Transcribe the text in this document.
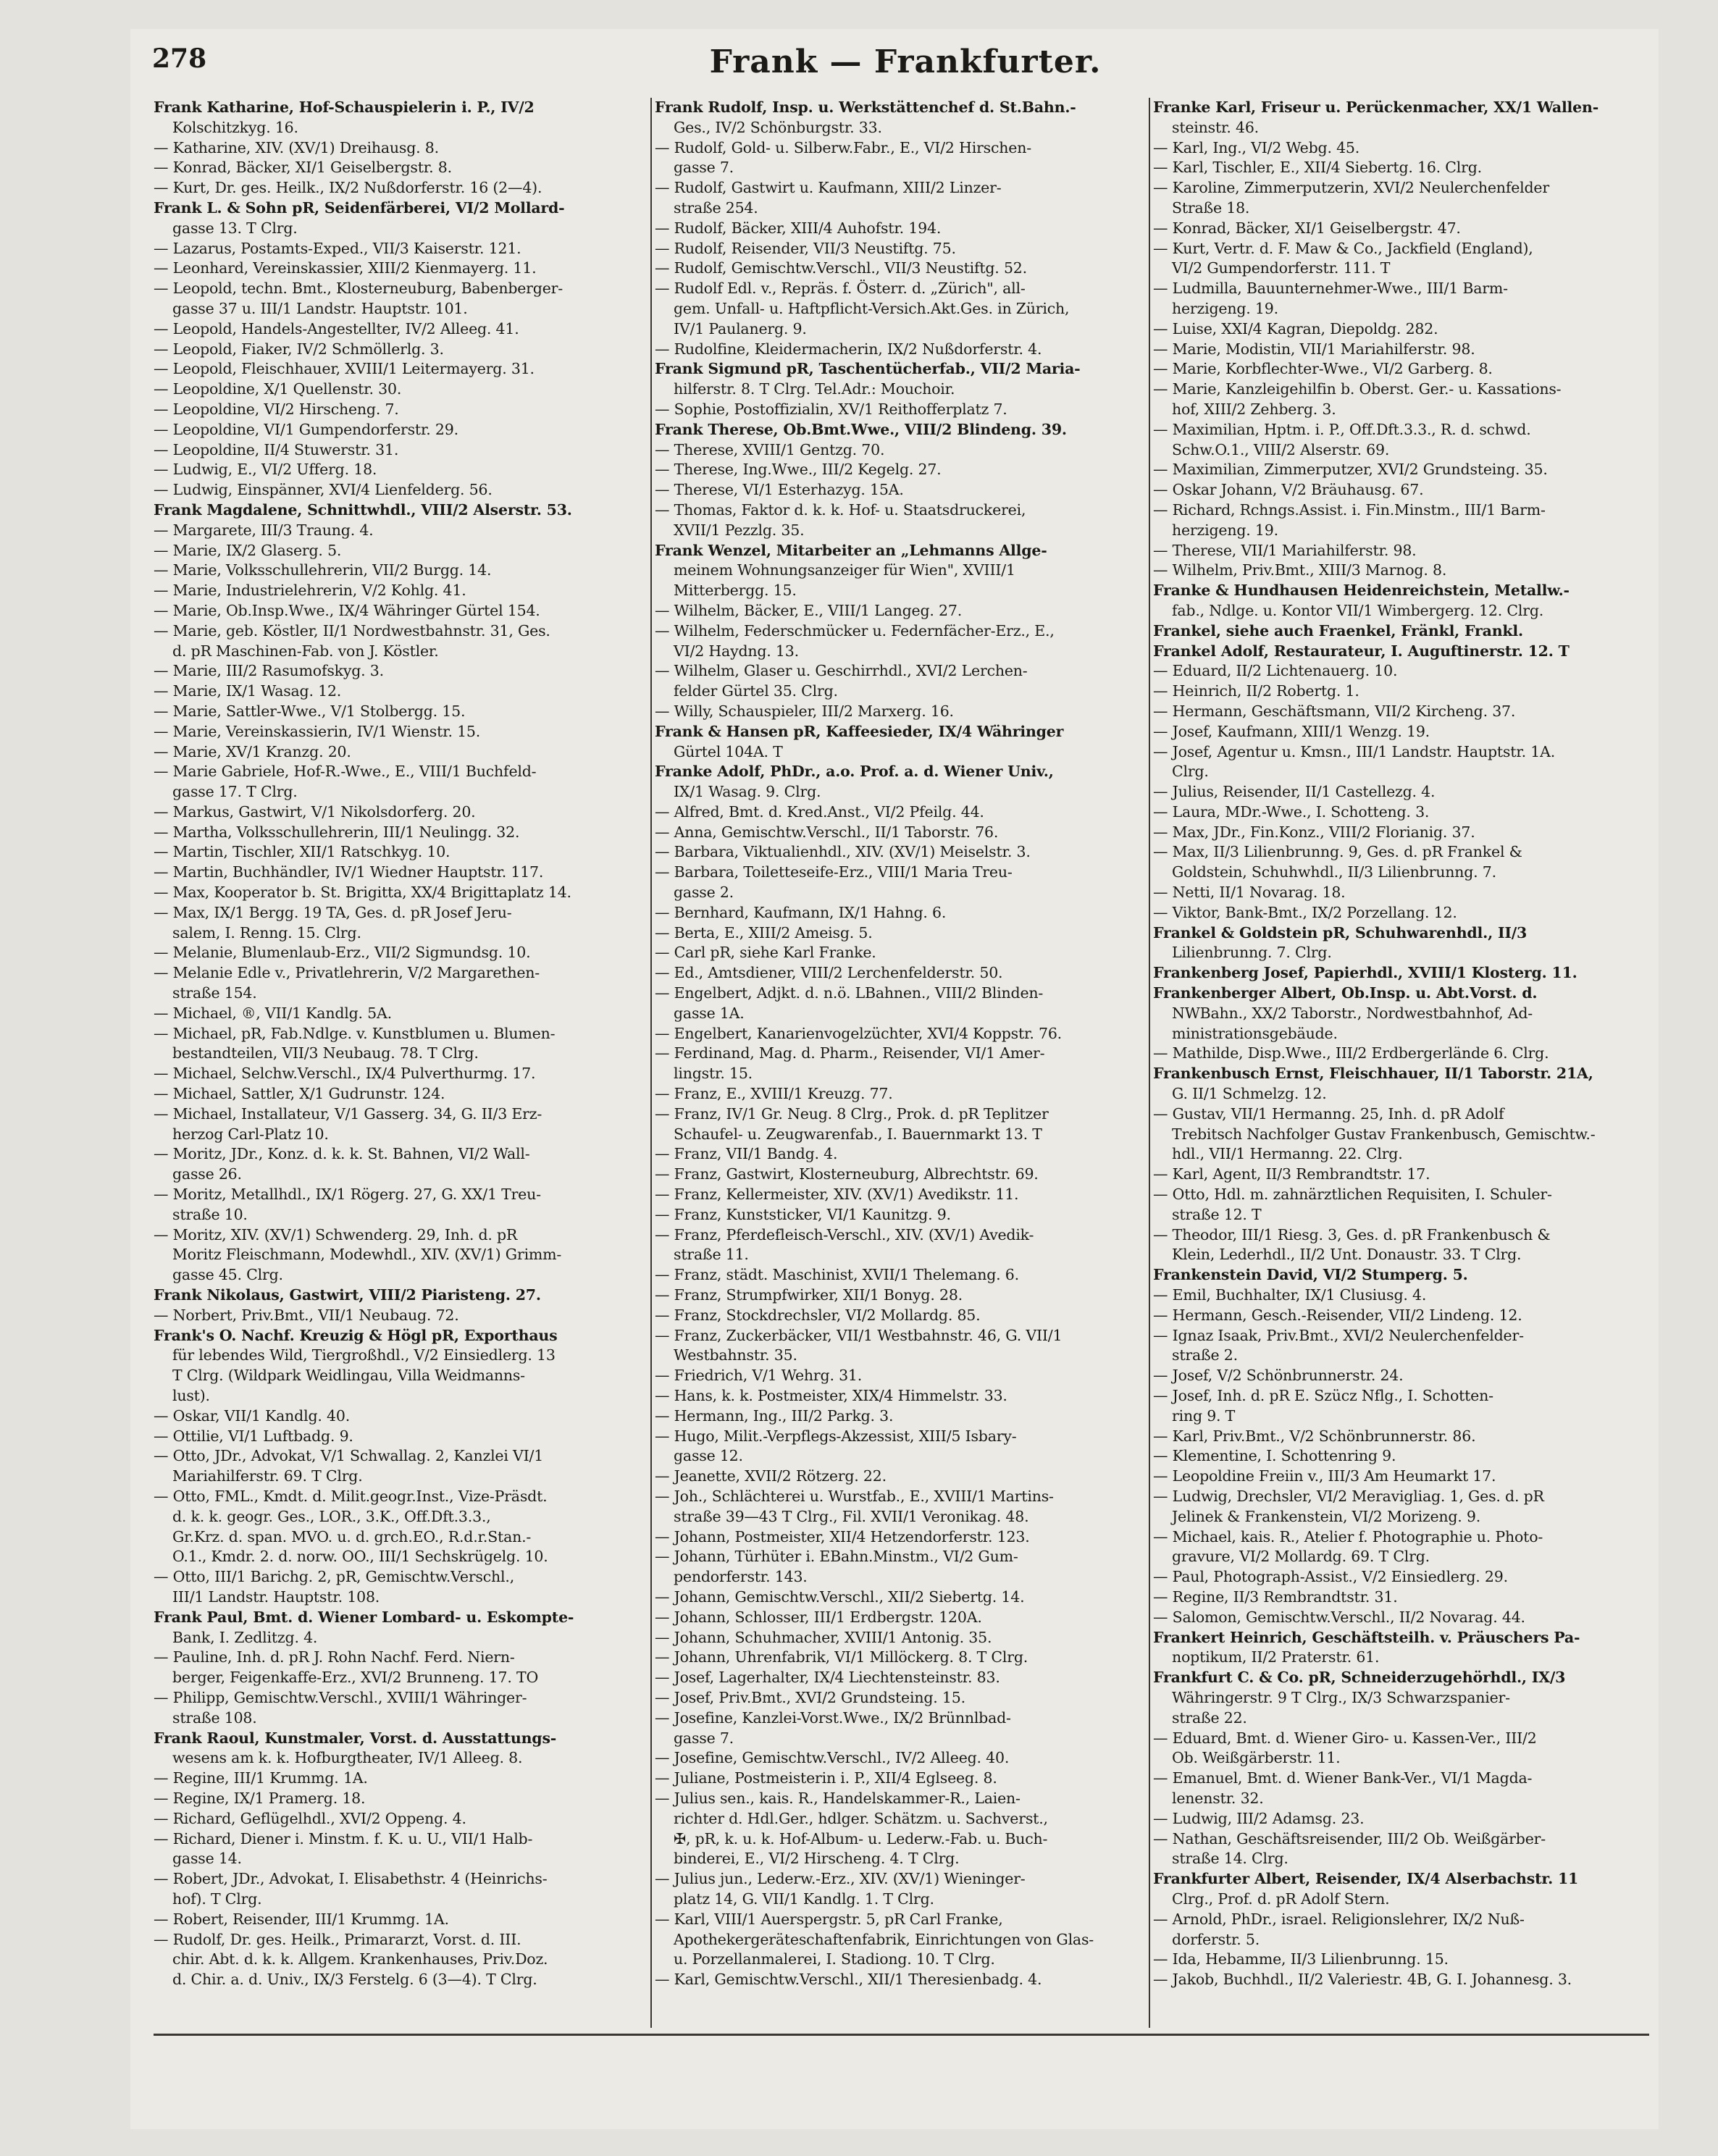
278	Frank — Frankfurter.
Frank Katharine, Hof-Schauspielerin i. P., IV/2
Kolschitzkyg. 16.
— Katharine, XIV. (XV/1) Dreihausg. 8.
— Konrad, Bäcker, XI/1 Geiselbergstr. 8.
— Kurt, Dr. ges. Heilk., IX/2 Nußdorferstr. 16 (2—4).
Frank L. & Sohn pR, Seidenfärberei, VI/2 Mollard-
gasse 13. T Clrg.
— Lazarus, Postamts-Exped., VII/3 Kaiserstr. 121.
— Leonhard, Vereinskassier, XIII/2 Kienmayerg. 11.
— Leopold, techn. Bmt., Klosterneuburg, Babenberger-
gasse 37 u. III/1 Landstr. Hauptstr. 101.
— Leopold, Handels-Angestellter, IV/2 Alleeg. 41.
— Leopold, Fiaker, IV/2 Schmöllerlg. 3.
— Leopold, Fleischhauer, XVIII/1 Leitermayerg. 31.
— Leopoldine, X/1 Quellenstr. 30.
— Leopoldine, VI/2 Hirscheng. 7.
— Leopoldine, VI/1 Gumpendorferstr. 29.
— Leopoldine, II/4 Stuwerstr. 31.
— Ludwig, E., VI/2 Ufferg. 18.
— Ludwig, Einspänner, XVI/4 Lienfelderg. 56.
Frank Magdalene, Schnittwhdl., VIII/2 Alserstr. 53.
— Margarete, III/3 Traung. 4.
— Marie, IX/2 Glaserg. 5.
— Marie, Volksschullehrerin, VII/2 Burgg. 14.
— Marie, Industrielehrerin, V/2 Kohlg. 41.
— Marie, Ob.Insp.Wwe., IX/4 Währinger Gürtel 154.
— Marie, geb. Köstler, II/1 Nordwestbahnstr. 31, Ges.
d. pR Maschinen-Fab. von J. Köstler.
— Marie, III/2 Rasumofskyg. 3.
— Marie, IX/1 Wasag. 12.
— Marie, Sattler-Wwe., V/1 Stolbergg. 15.
— Marie, Vereinskassierin, IV/1 Wienstr. 15.
— Marie, XV/1 Kranzg. 20.
— Marie Gabriele, Hof-R.-Wwe., E., VIII/1 Buchfeld-
gasse 17. T Clrg.
— Markus, Gastwirt, V/1 Nikolsdorferg. 20.
— Martha, Volksschullehrerin, III/1 Neulingg. 32.
— Martin, Tischler, XII/1 Ratschkyg. 10.
— Martin, Buchhändler, IV/1 Wiedner Hauptstr. 117.
— Max, Kooperator b. St. Brigitta, XX/4 Brigittaplatz 14.
— Max, IX/1 Bergg. 19 TA, Ges. d. pR Josef Jeru-
salem, I. Renng. 15. Clrg.
— Melanie, Blumenlaub-Erz., VII/2 Sigmundsg. 10.
— Melanie Edle v., Privatlehrerin, V/2 Margarethen-
straße 154.
— Michael, ®, VII/1 Kandlg. 5A.
— Michael, pR, Fab.Ndlge. v. Kunstblumen u. Blumen-
bestandteilen, VII/3 Neubaug. 78. T Clrg.
— Michael, Selchw.Verschl., IX/4 Pulverthurmg. 17.
— Michael, Sattler, X/1 Gudrunstr. 124.
— Michael, Installateur, V/1 Gasserg. 34, G. II/3 Erz-
herzog Carl-Platz 10.
— Moritz, JDr., Konz. d. k. k. St. Bahnen, VI/2 Wall-
gasse 26.
— Moritz, Metallhdl., IX/1 Rögerg. 27, G. XX/1 Treu-
straße 10.
— Moritz, XIV. (XV/1) Schwenderg. 29, Inh. d. pR
Moritz Fleischmann, Modewhdl., XIV. (XV/1) Grimm-
gasse 45. Clrg.
Frank Nikolaus, Gastwirt, VIII/2 Piaristeng. 27.
— Norbert, Priv.Bmt., VII/1 Neubaug. 72.
Frank's O. Nachf. Kreuzig & Högl pR, Exporthaus
für lebendes Wild, Tiergroßhdl., V/2 Einsiedlerg. 13
T Clrg. (Wildpark Weidlingau, Villa Weidmanns-
lust).
— Oskar, VII/1 Kandlg. 40.
— Ottilie, VI/1 Luftbadg. 9.
— Otto, JDr., Advokat, V/1 Schwallag. 2, Kanzlei VI/1
Mariahilferstr. 69. T Clrg.
— Otto, FML., Kmdt. d. Milit.geogr.Inst., Vize-Präsdt.
d. k. k. geogr. Ges., LOR., 3.K., Off.Dft.3.3.,
Gr.Krz. d. span. MVO. u. d. grch.EO., R.d.r.Stan.-
O.1., Kmdr. 2. d. norw. OO., III/1 Sechskrügelg. 10.
— Otto, III/1 Barichg. 2, pR, Gemischtw.Verschl.,
III/1 Landstr. Hauptstr. 108.
Frank Paul, Bmt. d. Wiener Lombard- u. Eskompte-
Bank, I. Zedlitzg. 4.
— Pauline, Inh. d. pR J. Rohn Nachf. Ferd. Niern-
berger, Feigenkaffe-Erz., XVI/2 Brunneng. 17. TO
— Philipp, Gemischtw.Verschl., XVIII/1 Währinger-
straße 108.
Frank Raoul, Kunstmaler, Vorst. d. Ausstattungs-
wesens am k. k. Hofburgtheater, IV/1 Alleeg. 8.
— Regine, III/1 Krummg. 1A.
— Regine, IX/1 Pramerg. 18.
— Richard, Geflügelhdl., XVI/2 Oppeng. 4.
— Richard, Diener i. Minstm. f. K. u. U., VII/1 Halb-
gasse 14.
— Robert, JDr., Advokat, I. Elisabethstr. 4 (Heinrichs-
hof). T Clrg.
— Robert, Reisender, III/1 Krummg. 1A.
— Rudolf, Dr. ges. Heilk., Primararzt, Vorst. d. III.
chir. Abt. d. k. k. Allgem. Krankenhauses, Priv.Doz.
d. Chir. a. d. Univ., IX/3 Ferstelg. 6 (3—4). T Clrg.
Frank Rudolf, Insp. u. Werkstättenchef d. St.Bahn.-
Ges., IV/2 Schönburgstr. 33.
— Rudolf, Gold- u. Silberw.Fabr., E., VI/2 Hirschen-
gasse 7.
— Rudolf, Gastwirt u. Kaufmann, XIII/2 Linzer-
straße 254.
— Rudolf, Bäcker, XIII/4 Auhofstr. 194.
— Rudolf, Reisender, VII/3 Neustiftg. 75.
— Rudolf, Gemischtw.Verschl., VII/3 Neustiftg. 52.
— Rudolf Edl. v., Repräs. f. Österr. d. „Zürich", all-
gem. Unfall- u. Haftpflicht-Versich.Akt.Ges. in Zürich,
IV/1 Paulanerg. 9.
— Rudolfine, Kleidermacherin, IX/2 Nußdorferstr. 4.
Frank Sigmund pR, Taschentücherfab., VII/2 Maria-
hilferstr. 8. T Clrg. Tel.Adr.: Mouchoir.
— Sophie, Postoffizialin, XV/1 Reithofferplatz 7.
Frank Therese, Ob.Bmt.Wwe., VIII/2 Blindeng. 39.
— Therese, XVIII/1 Gentzg. 70.
— Therese, Ing.Wwe., III/2 Kegelg. 27.
— Therese, VI/1 Esterhazyg. 15A.
— Thomas, Faktor d. k. k. Hof- u. Staatsdruckerei,
XVII/1 Pezzlg. 35.
Frank Wenzel, Mitarbeiter an „Lehmanns Allge-
meinem Wohnungsanzeiger für Wien", XVIII/1
Mitterbergg. 15.
— Wilhelm, Bäcker, E., VIII/1 Langeg. 27.
— Wilhelm, Federschmücker u. Federnfächer-Erz., E.,
VI/2 Haydng. 13.
— Wilhelm, Glaser u. Geschirrhdl., XVI/2 Lerchen-
felder Gürtel 35. Clrg.
— Willy, Schauspieler, III/2 Marxerg. 16.
Frank & Hansen pR, Kaffeesieder, IX/4 Währinger
Gürtel 104A. T
Franke Adolf, PhDr., a.o. Prof. a. d. Wiener Univ.,
IX/1 Wasag. 9. Clrg.
— Alfred, Bmt. d. Kred.Anst., VI/2 Pfeilg. 44.
— Anna, Gemischtw.Verschl., II/1 Taborstr. 76.
— Barbara, Viktualienhdl., XIV. (XV/1) Meiselstr. 3.
— Barbara, Toiletteseife-Erz., VIII/1 Maria Treu-
gasse 2.
— Bernhard, Kaufmann, IX/1 Hahng. 6.
— Berta, E., XIII/2 Ameisg. 5.
— Carl pR, siehe Karl Franke.
— Ed., Amtsdiener, VIII/2 Lerchenfelderstr. 50.
— Engelbert, Adjkt. d. n.ö. LBahnen., VIII/2 Blinden-
gasse 1A.
— Engelbert, Kanarienvogelzüchter, XVI/4 Koppstr. 76.
— Ferdinand, Mag. d. Pharm., Reisender, VI/1 Amer-
lingstr. 15.
— Franz, E., XVIII/1 Kreuzg. 77.
— Franz, IV/1 Gr. Neug. 8 Clrg., Prok. d. pR Teplitzer
Schaufel- u. Zeugwarenfab., I. Bauernmarkt 13. T
— Franz, VII/1 Bandg. 4.
— Franz, Gastwirt, Klosterneuburg, Albrechtstr. 69.
— Franz, Kellermeister, XIV. (XV/1) Avedikstr. 11.
— Franz, Kunststicker, VI/1 Kaunitzg. 9.
— Franz, Pferdefleisch-Verschl., XIV. (XV/1) Avedik-
straße 11.
— Franz, städt. Maschinist, XVII/1 Thelemang. 6.
— Franz, Strumpfwirker, XII/1 Bonyg. 28.
— Franz, Stockdrechsler, VI/2 Mollardg. 85.
— Franz, Zuckerbäcker, VII/1 Westbahnstr. 46, G. VII/1
Westbahnstr. 35.
— Friedrich, V/1 Wehrg. 31.
— Hans, k. k. Postmeister, XIX/4 Himmelstr. 33.
— Hermann, Ing., III/2 Parkg. 3.
— Hugo, Milit.-Verpflegs-Akzessist, XIII/5 Isbary-
gasse 12.
— Jeanette, XVII/2 Rötzerg. 22.
— Joh., Schlächterei u. Wurstfab., E., XVIII/1 Martins-
straße 39—43 T Clrg., Fil. XVII/1 Veronikag. 48.
— Johann, Postmeister, XII/4 Hetzendorferstr. 123.
— Johann, Türhüter i. EBahn.Minstm., VI/2 Gum-
pendorferstr. 143.
— Johann, Gemischtw.Verschl., XII/2 Siebertg. 14.
— Johann, Schlosser, III/1 Erdbergstr. 120A.
— Johann, Schuhmacher, XVIII/1 Antonig. 35.
— Johann, Uhrenfabrik, VI/1 Millöckerg. 8. T Clrg.
— Josef, Lagerhalter, IX/4 Liechtensteinstr. 83.
— Josef, Priv.Bmt., XVI/2 Grundsteing. 15.
— Josefine, Kanzlei-Vorst.Wwe., IX/2 Brünnlbad-
gasse 7.
— Josefine, Gemischtw.Verschl., IV/2 Alleeg. 40.
— Juliane, Postmeisterin i. P., XII/4 Eglseeg. 8.
— Julius sen., kais. R., Handelskammer-R., Laien-
richter d. Hdl.Ger., hdlger. Schätzm. u. Sachverst.,
✠, pR, k. u. k. Hof-Album- u. Lederw.-Fab. u. Buch-
binderei, E., VI/2 Hirscheng. 4. T Clrg.
— Julius jun., Lederw.-Erz., XIV. (XV/1) Wieninger-
platz 14, G. VII/1 Kandlg. 1. T Clrg.
— Karl, VIII/1 Auerspergstr. 5, pR Carl Franke,
Apothekergeräteschaftenfabrik, Einrichtungen von Glas-
u. Porzellanmalerei, I. Stadiong. 10. T Clrg.
— Karl, Gemischtw.Verschl., XII/1 Theresienbadg. 4.
Franke Karl, Friseur u. Perückenmacher, XX/1 Wallen-
steinstr. 46.
— Karl, Ing., VI/2 Webg. 45.
— Karl, Tischler, E., XII/4 Siebertg. 16. Clrg.
— Karoline, Zimmerputzerin, XVI/2 Neulerchenfelder
Straße 18.
— Konrad, Bäcker, XI/1 Geiselbergstr. 47.
— Kurt, Vertr. d. F. Maw & Co., Jackfield (England),
VI/2 Gumpendorferstr. 111. T
— Ludmilla, Bauunternehmer-Wwe., III/1 Barm-
herzigeng. 19.
— Luise, XXI/4 Kagran, Diepoldg. 282.
— Marie, Modistin, VII/1 Mariahilferstr. 98.
— Marie, Korbflechter-Wwe., VI/2 Garberg. 8.
— Marie, Kanzleigehilfin b. Oberst. Ger.- u. Kassations-
hof, XIII/2 Zehberg. 3.
— Maximilian, Hptm. i. P., Off.Dft.3.3., R. d. schwd.
Schw.O.1., VIII/2 Alserstr. 69.
— Maximilian, Zimmerputzer, XVI/2 Grundsteing. 35.
— Oskar Johann, V/2 Bräuhausg. 67.
— Richard, Rchngs.Assist. i. Fin.Minstm., III/1 Barm-
herzigeng. 19.
— Therese, VII/1 Mariahilferstr. 98.
— Wilhelm, Priv.Bmt., XIII/3 Marnog. 8.
Franke & Hundhausen Heidenreichstein, Metallw.-
fab., Ndlge. u. Kontor VII/1 Wimbergerg. 12. Clrg.
Frankel, siehe auch Fraenkel, Fränkl, Frankl.
Frankel Adolf, Restaurateur, I. Auguftinerstr. 12. T
— Eduard, II/2 Lichtenauerg. 10.
— Heinrich, II/2 Robertg. 1.
— Hermann, Geschäftsmann, VII/2 Kircheng. 37.
— Josef, Kaufmann, XIII/1 Wenzg. 19.
— Josef, Agentur u. Kmsn., III/1 Landstr. Hauptstr. 1A.
Clrg.
— Julius, Reisender, II/1 Castellezg. 4.
— Laura, MDr.-Wwe., I. Schotteng. 3.
— Max, JDr., Fin.Konz., VIII/2 Florianig. 37.
— Max, II/3 Lilienbrunng. 9, Ges. d. pR Frankel &
Goldstein, Schuhwhdl., II/3 Lilienbrunng. 7.
— Netti, II/1 Novarag. 18.
— Viktor, Bank-Bmt., IX/2 Porzellang. 12.
Frankel & Goldstein pR, Schuhwarenhdl., II/3
Lilienbrunng. 7. Clrg.
Frankenberg Josef, Papierhdl., XVIII/1 Klosterg. 11.
Frankenberger Albert, Ob.Insp. u. Abt.Vorst. d.
NWBahn., XX/2 Taborstr., Nordwestbahnhof, Ad-
ministrationsgebäude.
— Mathilde, Disp.Wwe., III/2 Erdbergerlände 6. Clrg.
Frankenbusch Ernst, Fleischhauer, II/1 Taborstr. 21A,
G. II/1 Schmelzg. 12.
— Gustav, VII/1 Hermanng. 25, Inh. d. pR Adolf
Trebitsch Nachfolger Gustav Frankenbusch, Gemischtw.-
hdl., VII/1 Hermanng. 22. Clrg.
— Karl, Agent, II/3 Rembrandtstr. 17.
— Otto, Hdl. m. zahnärztlichen Requisiten, I. Schuler-
straße 12. T
— Theodor, III/1 Riesg. 3, Ges. d. pR Frankenbusch &
Klein, Lederhdl., II/2 Unt. Donaustr. 33. T Clrg.
Frankenstein David, VI/2 Stumperg. 5.
— Emil, Buchhalter, IX/1 Clusiusg. 4.
— Hermann, Gesch.-Reisender, VII/2 Lindeng. 12.
— Ignaz Isaak, Priv.Bmt., XVI/2 Neulerchenfelder-
straße 2.
— Josef, V/2 Schönbrunnerstr. 24.
— Josef, Inh. d. pR E. Szücz Nflg., I. Schotten-
ring 9. T
— Karl, Priv.Bmt., V/2 Schönbrunnerstr. 86.
— Klementine, I. Schottenring 9.
— Leopoldine Freiin v., III/3 Am Heumarkt 17.
— Ludwig, Drechsler, VI/2 Meravigliag. 1, Ges. d. pR
Jelinek & Frankenstein, VI/2 Morizeng. 9.
— Michael, kais. R., Atelier f. Photographie u. Photo-
gravure, VI/2 Mollardg. 69. T Clrg.
— Paul, Photograph-Assist., V/2 Einsiedlerg. 29.
— Regine, II/3 Rembrandtstr. 31.
— Salomon, Gemischtw.Verschl., II/2 Novarag. 44.
Frankert Heinrich, Geschäftsteilh. v. Präuschers Pa-
noptikum, II/2 Praterstr. 61.
Frankfurt C. & Co. pR, Schneiderzugehörhdl., IX/3
Währingerstr. 9 T Clrg., IX/3 Schwarzspanier-
straße 22.
— Eduard, Bmt. d. Wiener Giro- u. Kassen-Ver., III/2
Ob. Weißgärberstr. 11.
— Emanuel, Bmt. d. Wiener Bank-Ver., VI/1 Magda-
lenenstr. 32.
— Ludwig, III/2 Adamsg. 23.
— Nathan, Geschäftsreisender, III/2 Ob. Weißgärber-
straße 14. Clrg.
Frankfurter Albert, Reisender, IX/4 Alserbachstr. 11
Clrg., Prof. d. pR Adolf Stern.
— Arnold, PhDr., israel. Religionslehrer, IX/2 Nuß-
dorferstr. 5.
— Ida, Hebamme, II/3 Lilienbrunng. 15.
— Jakob, Buchhdl., II/2 Valeriestr. 4B, G. I. Johannesg. 3.
